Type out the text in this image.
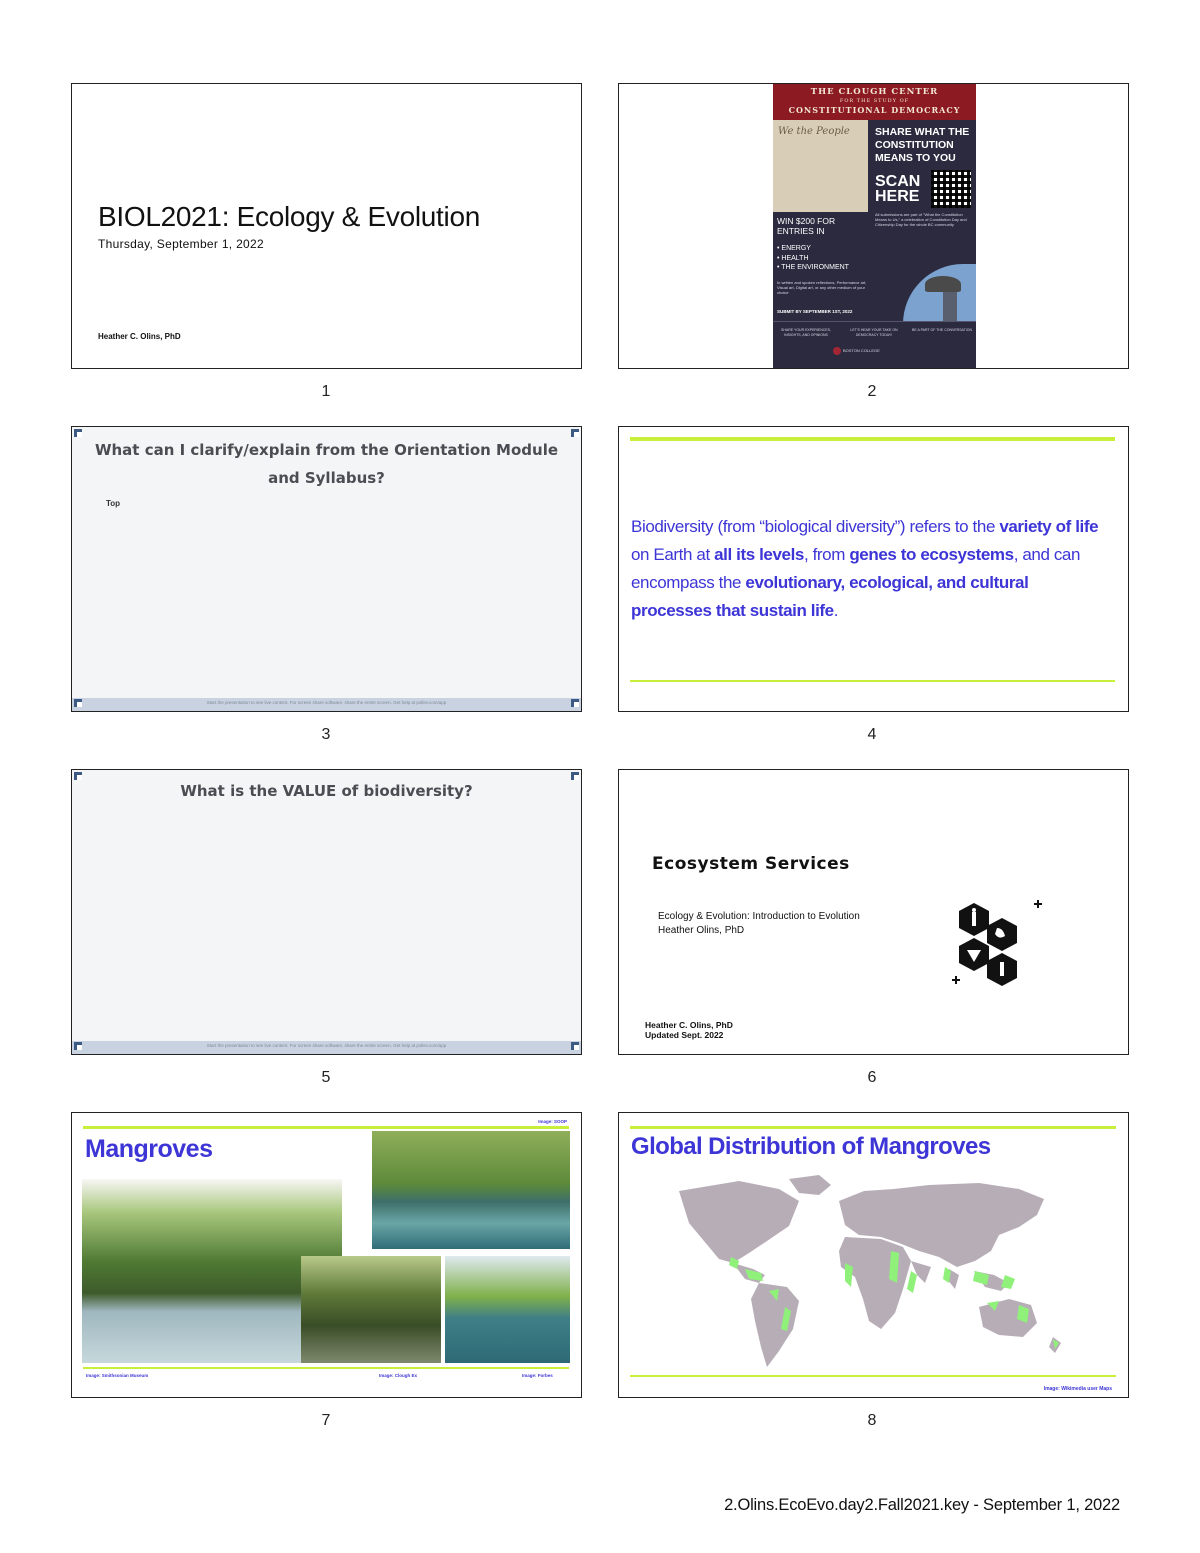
BIOL2021: Ecology & Evolution
Thursday, September 1, 2022
Heather C. Olins, PhD
1
THE CLOUGH CENTER
FOR THE STUDY OF
CONSTITUTIONAL DEMOCRACY
We the People SHARE WHAT THE CONSTITUTION MEANS TO YOU
SCAN HERE
All submissions are part of "What the Constitution Means to Us," a celebration of Constitution Day and Citizenship Day for the whole BC community
WIN $200 FOR ENTRIES IN
• ENERGY
• HEALTH
• THE ENVIRONMENT
In written and spoken reflections, Performance art, Visual art, Digital art, or any other medium of your choice
SUBMIT BY SEPTEMBER 1ST, 2022
SHARE YOUR EXPERIENCES, INSIGHTS, AND OPINIONS
LET'S HEAR YOUR TAKE ON DEMOCRACY TODAY!
BE A PART OF THE CONVERSATION
BOSTON COLLEGE
2
What can I clarify/explain from the Orientation Module and Syllabus?
Top
Start the presentation to see live content. For screen share software, share the entire screen. Get help at pollev.com/app
3
Biodiversity (from “biological diversity”) refers to the variety of life on Earth at all its levels, from genes to ecosystems, and can encompass the evolutionary, ecological, and cultural processes that sustain life.
4
What is the VALUE of biodiversity?
Start the presentation to see live content. For screen share software, share the entire screen. Get help at pollev.com/app
5
Ecosystem Services
Ecology & Evolution: Introduction to Evolution
Heather Olins, PhD
Heather C. Olins, PhD
Updated Sept. 2022
6
Image: SOOP
Mangroves
Image: Smithsonian Museum	Image: Clough Ex	Image: Forbes
7
Global Distribution of Mangroves
Image: Wikimedia user Maps
8
2.Olins.EcoEvo.day2.Fall2021.key - September 1, 2022
